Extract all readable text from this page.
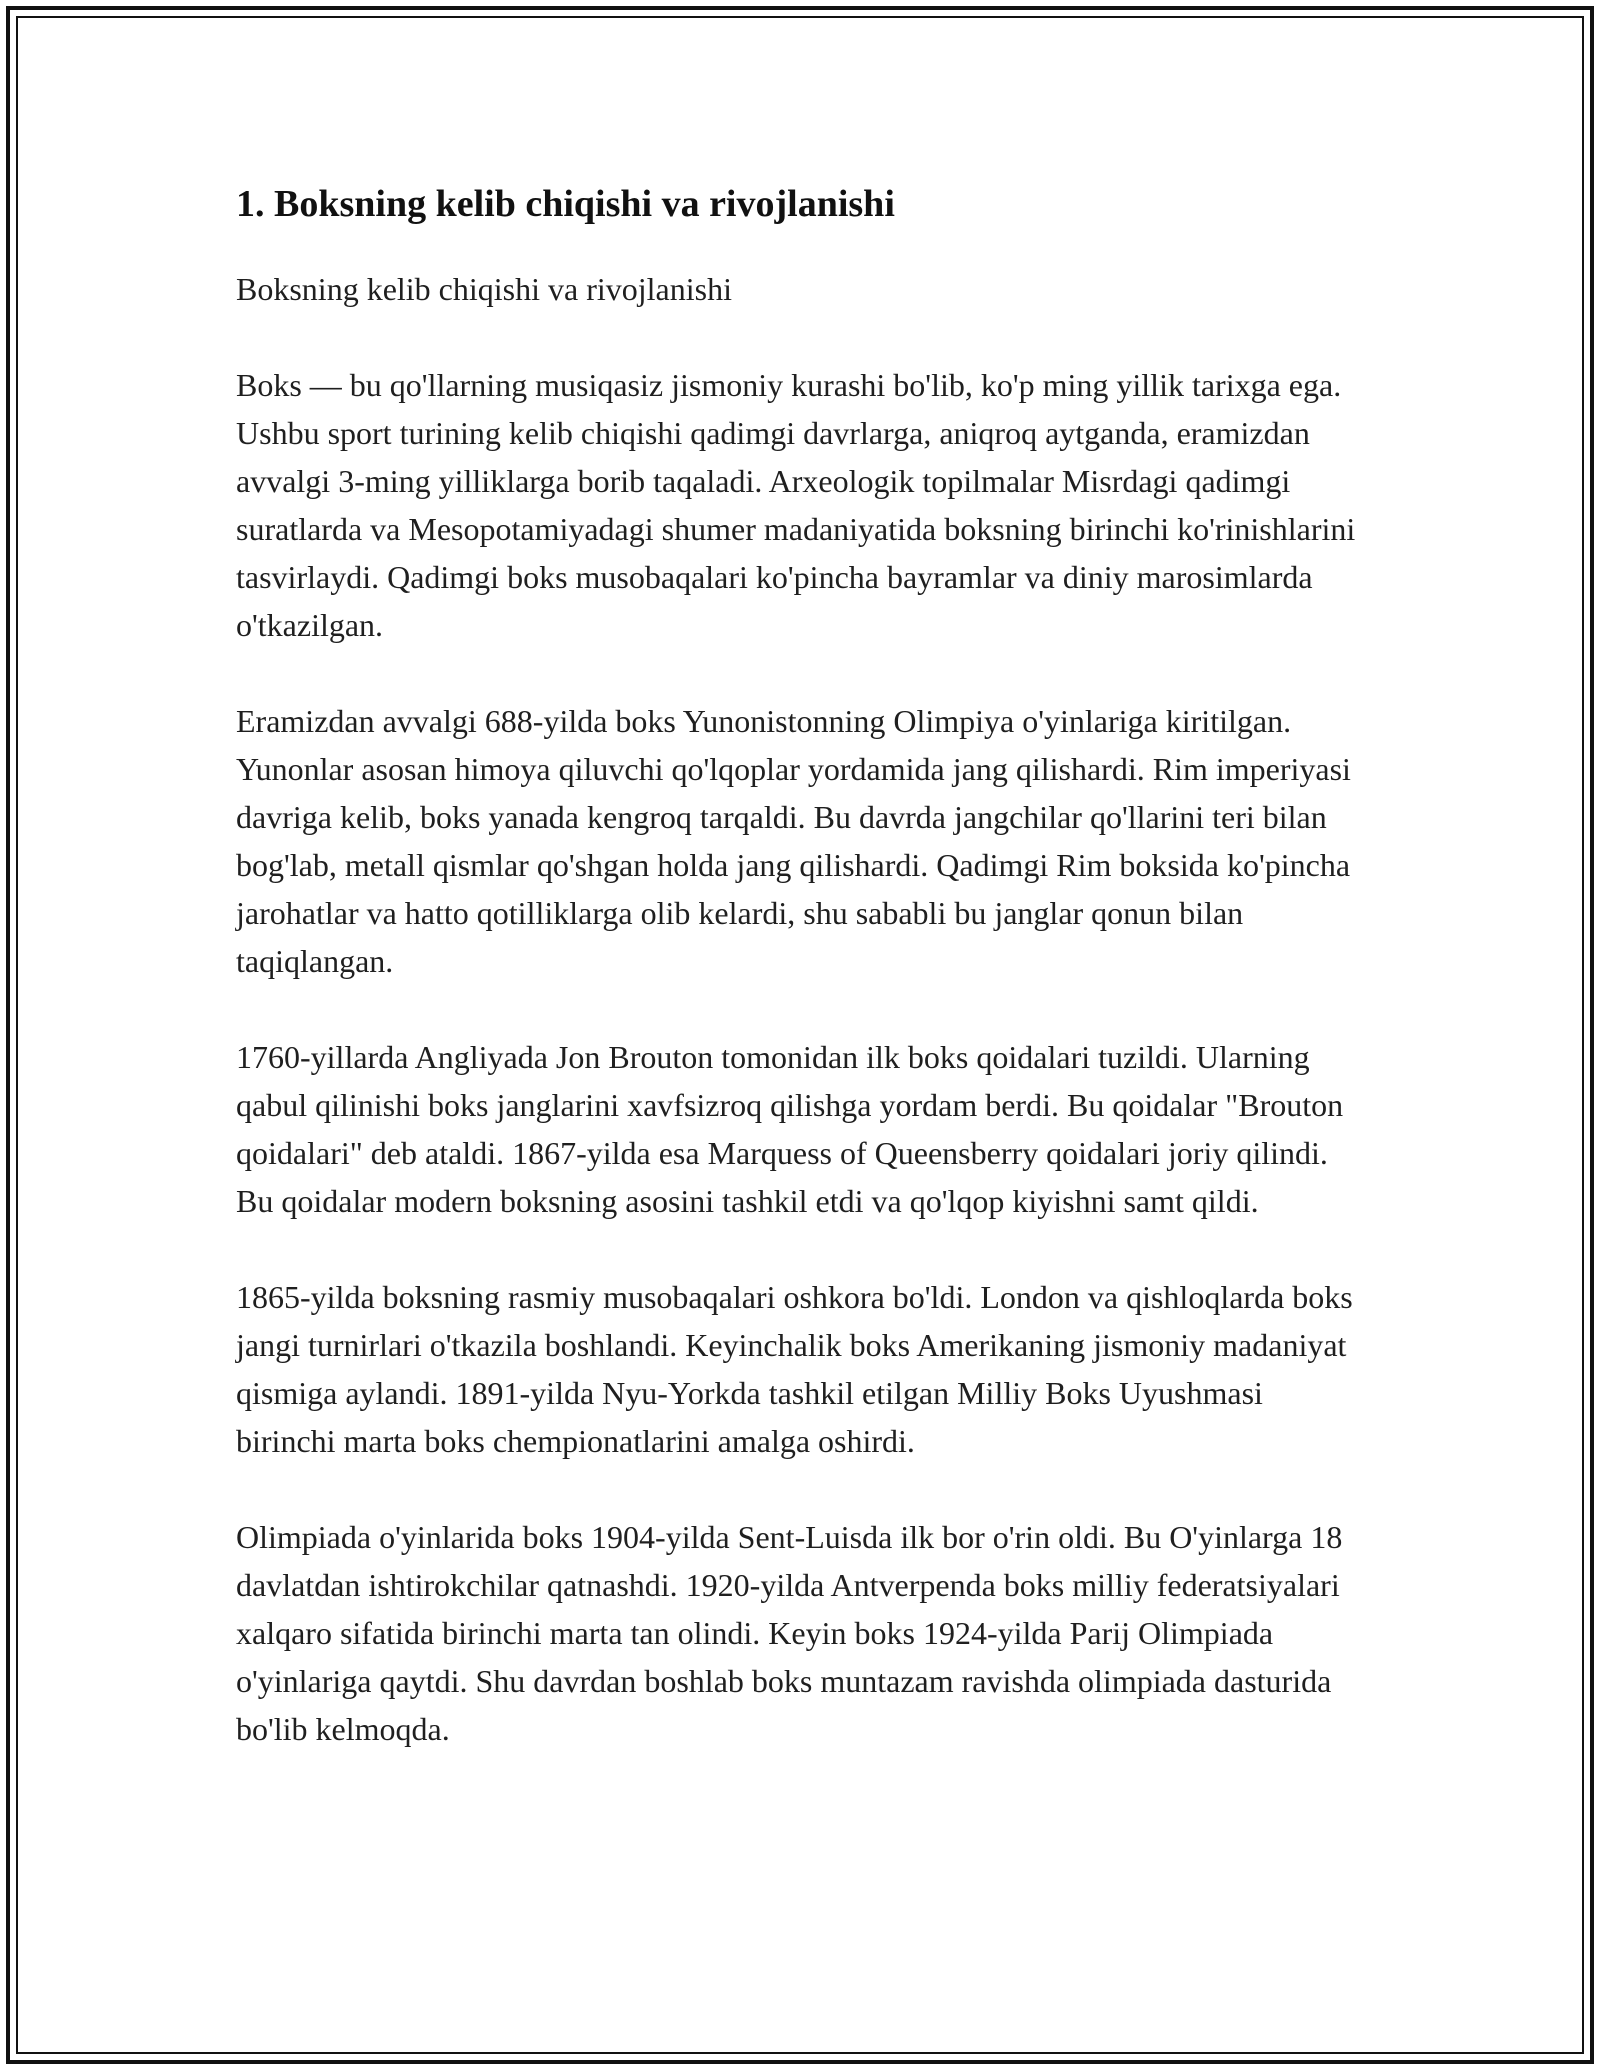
1. Boksning kelib chiqishi va rivojlanishi

Boksning kelib chiqishi va rivojlanishi

Boks — bu qo'llarning musiqasiz jismoniy kurashi bo'lib, ko'p ming yillik tarixga ega. Ushbu sport turining kelib chiqishi qadimgi davrlarga, aniqroq aytganda, eramizdan avvalgi 3-ming yilliklarga borib taqaladi. Arxeologik topilmalar Misrdagi qadimgi suratlarda va Mesopotamiyadagi shumer madaniyatida boksning birinchi ko'rinishlarini tasvirlaydi. Qadimgi boks musobaqalari ko'pincha bayramlar va diniy marosimlarda o'tkazilgan.

Eramizdan avvalgi 688-yilda boks Yunonistonning Olimpiya o'yinlariga kiritilgan. Yunonlar asosan himoya qiluvchi qo'lqoplar yordamida jang qilishardi. Rim imperiyasi davriga kelib, boks yanada kengroq tarqaldi. Bu davrda jangchilar qo'llarini teri bilan bog'lab, metall qismlar qo'shgan holda jang qilishardi. Qadimgi Rim boksida ko'pincha jarohatlar va hatto qotilliklarga olib kelardi, shu sababli bu janglar qonun bilan taqiqlangan.

1760-yillarda Angliyada Jon Brouton tomonidan ilk boks qoidalari tuzildi. Ularning qabul qilinishi boks janglarini xavfsizroq qilishga yordam berdi. Bu qoidalar "Brouton qoidalari" deb ataldi. 1867-yilda esa Marquess of Queensberry qoidalari joriy qilindi. Bu qoidalar modern boksning asosini tashkil etdi va qo'lqop kiyishni samt qildi.

1865-yilda boksning rasmiy musobaqalari oshkora bo'ldi. London va qishloqlarda boks jangi turnirlari o'tkazila boshlandi. Keyinchalik boks Amerikaning jismoniy madaniyat qismiga aylandi. 1891-yilda Nyu-Yorkda tashkil etilgan Milliy Boks Uyushmasi birinchi marta boks chempionatlarini amalga oshirdi.

Olimpiada o'yinlarida boks 1904-yilda Sent-Luisda ilk bor o'rin oldi. Bu O'yinlarga 18 davlatdan ishtirokchilar qatnashdi. 1920-yilda Antverpenda boks milliy federatsiyalari xalqaro sifatida birinchi marta tan olindi. Keyin boks 1924-yilda Parij Olimpiada o'yinlariga qaytdi. Shu davrdan boshlab boks muntazam ravishda olimpiada dasturida bo'lib kelmoqda.
